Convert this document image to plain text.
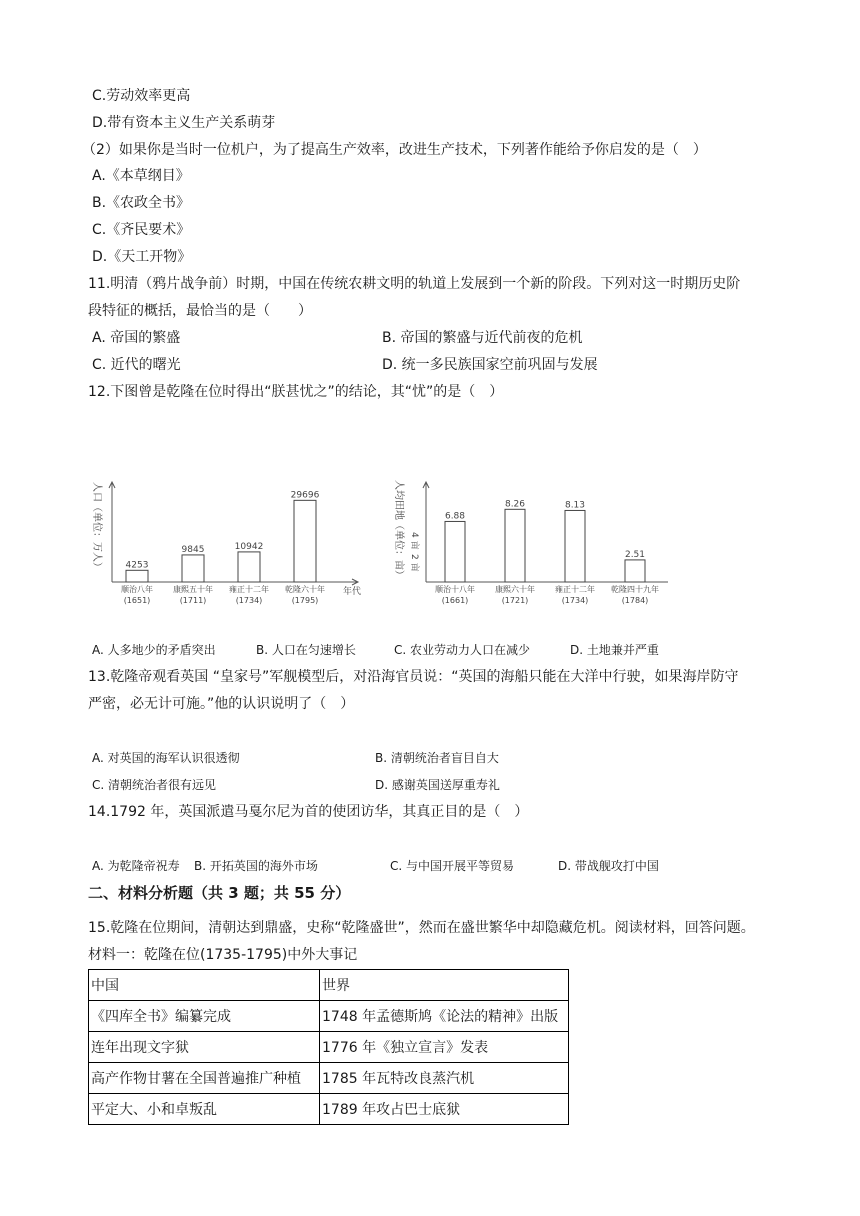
C.劳动效率更高
D.带有资本主义生产关系萌芽
（2）如果你是当时一位机户，为了提高生产效率，改进生产技术，下列著作能给予你启发的是（　）
A.《本草纲目》
B.《农政全书》
C.《齐民要术》
D.《天工开物》
11.明清（鸦片战争前）时期，中国在传统农耕文明的轨道上发展到一个新的阶段。下列对这一时期历史阶
段特征的概括，最恰当的是（　　）
A. 帝国的繁盛	B. 帝国的繁盛与近代前夜的危机
C. 近代的曙光	D. 统一多民族国家空前巩固与发展
12.下图曾是乾隆在位时得出“朕甚忧之”的结论，其“忧”的是（　）
人口（单位：万人）
年代
4253
顺治八年
(1651)
9845
康熙五十年
(1711)
10942
雍正十二年
(1734)
29696
乾隆六十年
(1795)
人均田地（单位：亩） 4 亩
2 亩
6.88
顺治十八年
(1661)
8.26
康熙六十年
(1721)
8.13
雍正十二年
(1734)
2.51
乾隆四十九年
(1784)
A. 人多地少的矛盾突出	B. 人口在匀速增长	C. 农业劳动力人口在减少	D. 土地兼并严重
13.乾隆帝观看英国 “皇家号”军舰模型后，对沿海官员说：“英国的海船只能在大洋中行驶，如果海岸防守
严密，必无计可施。”他的认识说明了（　）
A. 对英国的海军认识很透彻	B. 清朝统治者盲目自大
C. 清朝统治者很有远见	D. 感谢英国送厚重寿礼
14.1792 年，英国派遣马戛尔尼为首的使团访华，其真正目的是（　）
A. 为乾隆帝祝寿 B. 开拓英国的海外市场	C. 与中国开展平等贸易	D. 带战舰攻打中国
二、材料分析题（共 3 题；共 55 分）
15.乾隆在位期间，清朝达到鼎盛，史称“乾隆盛世”，然而在盛世繁华中却隐藏危机。阅读材料，回答问题。
材料一：乾隆在位(1735-1795)中外大事记
中国	世界
《四库全书》编纂完成	1748 年孟德斯鸠《论法的精神》出版
连年出现文字狱	1776 年《独立宣言》发表
高产作物甘薯在全国普遍推广种植	1785 年瓦特改良蒸汽机
平定大、小和卓叛乱	1789 年攻占巴士底狱
